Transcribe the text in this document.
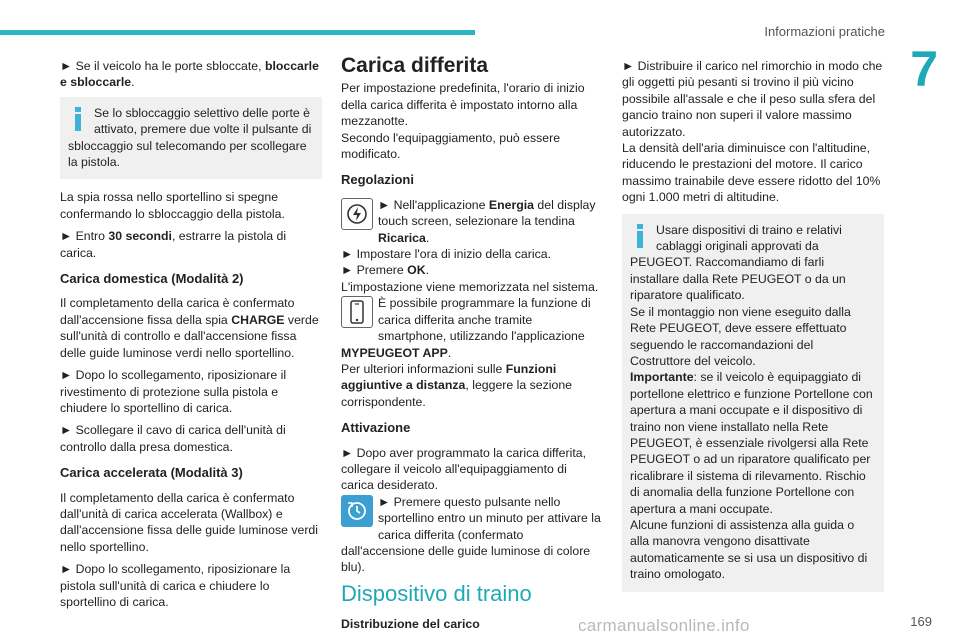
Informazioni pratiche
7

► Se il veicolo ha le porte sbloccate, bloccarle e sbloccarle.

Se lo sbloccaggio selettivo delle porte è attivato, premere due volte il pulsante di sbloccaggio sul telecomando per scollegare la pistola.

La spia rossa nello sportellino si spegne confermando lo sbloccaggio della pistola.

► Entro 30 secondi, estrarre la pistola di carica.

Carica domestica (Modalità 2)

Il completamento della carica è confermato dall'accensione fissa della spia CHARGE verde sull'unità di controllo e dall'accensione fissa delle guide luminose verdi nello sportellino.

► Dopo lo scollegamento, riposizionare il rivestimento di protezione sulla pistola e chiudere lo sportellino di carica.

► Scollegare il cavo di carica dell'unità di controllo dalla presa domestica.

Carica accelerata (Modalità 3)

Il completamento della carica è confermato dall'unità di carica accelerata (Wallbox) e dall'accensione fissa delle guide luminose verdi nello sportellino.

► Dopo lo scollegamento, riposizionare la pistola sull'unità di carica e chiudere lo sportellino di carica.

Carica differita

Per impostazione predefinita, l'orario di inizio della carica differita è impostato intorno alla mezzanotte.

Secondo l'equipaggiamento, può essere modificato.

Regolazioni
► Nell'applicazione Energia del display touch screen, selezionare la tendina Ricarica.
► Impostare l'ora di inizio della carica.
► Premere OK.
L'impostazione viene memorizzata nel sistema.
È possibile programmare la funzione di carica differita anche tramite smartphone, utilizzando l'applicazione MYPEUGEOT APP.

Per ulteriori informazioni sulle Funzioni aggiuntive a distanza, leggere la sezione corrispondente.

Attivazione
► Dopo aver programmato la carica differita, collegare il veicolo all'equipaggiamento di carica desiderato.
► Premere questo pulsante nello sportellino entro un minuto per attivare la carica differita (confermato dall'accensione delle guide luminose di colore blu).
Dispositivo di traino
Distribuzione del carico

► Distribuire il carico nel rimorchio in modo che gli oggetti più pesanti si trovino il più vicino possibile all'assale e che il peso sulla sfera del gancio traino non superi il valore massimo autorizzato.

La densità dell'aria diminuisce con l'altitudine, riducendo le prestazioni del motore. Il carico massimo trainabile deve essere ridotto del 10% ogni 1.000 metri di altitudine.

Usare dispositivi di traino e relativi cablaggi originali approvati da PEUGEOT. Raccomandiamo di farli installare dalla Rete PEUGEOT o da un riparatore qualificato.
Se il montaggio non viene eseguito dalla Rete PEUGEOT, deve essere effettuato seguendo le raccomandazioni del Costruttore del veicolo.
Importante: se il veicolo è equipaggiato di portellone elettrico e funzione Portellone con apertura a mani occupate e il dispositivo di traino non viene installato nella Rete PEUGEOT, è essenziale rivolgersi alla Rete PEUGEOT o ad un riparatore qualificato per ricalibrare il sistema di rilevamento. Rischio di anomalia della funzione Portellone con apertura a mani occupate.
Alcune funzioni di assistenza alla guida o alla manovra vengono disattivate automaticamente se si usa un dispositivo di traino omologato.
carmanualsonline.info	169
